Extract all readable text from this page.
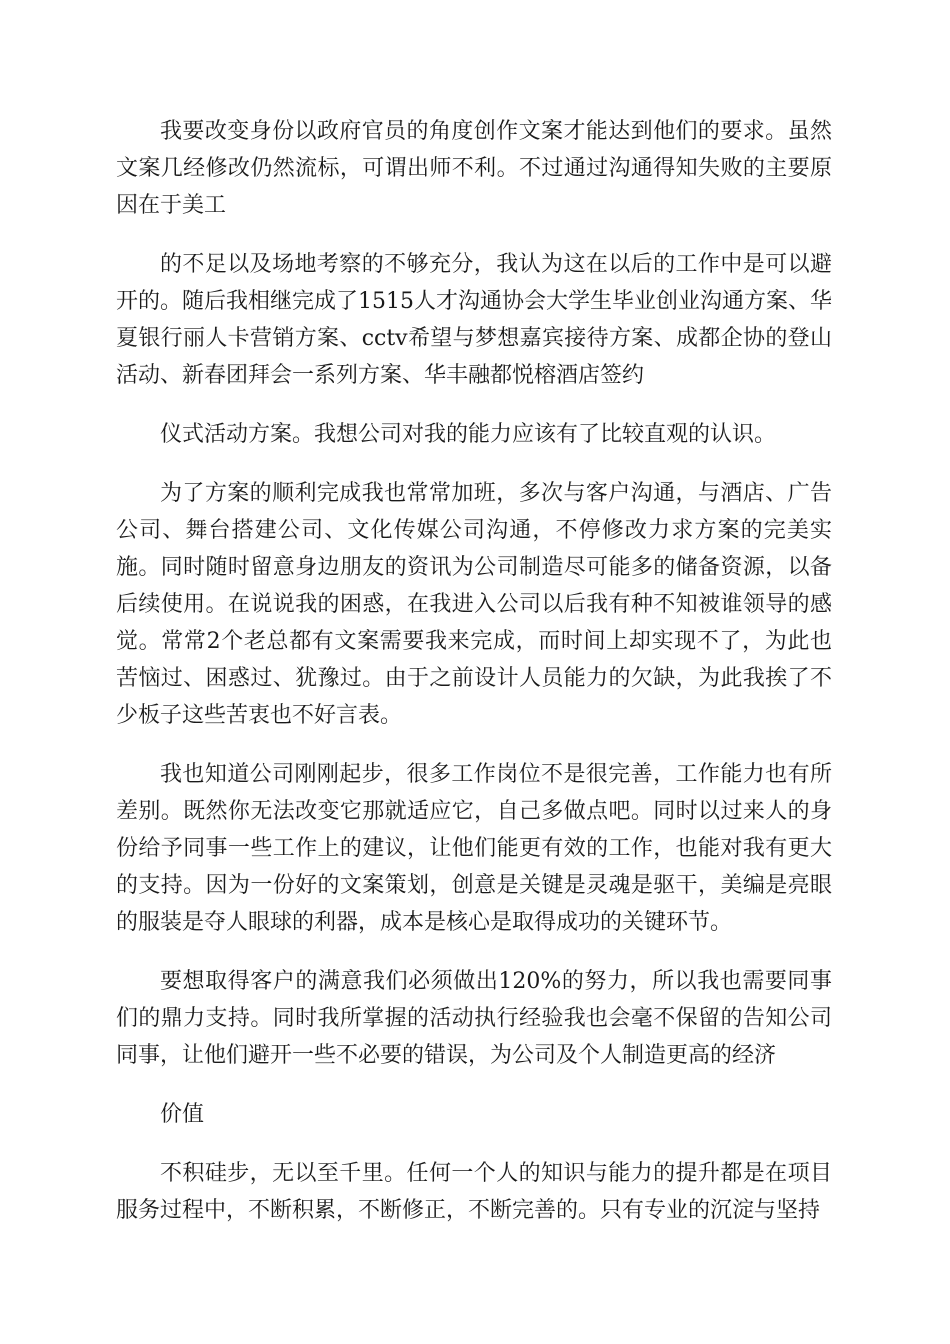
我要改变身份以政府官员的角度创作文案才能达到他们的要求。虽然文案几经修改仍然流标，可谓出师不利。不过通过沟通得知失败的主要原因在于美工

的不足以及场地考察的不够充分，我认为这在以后的工作中是可以避开的。随后我相继完成了1515人才沟通协会大学生毕业创业沟通方案、华夏银行丽人卡营销方案、cctv希望与梦想嘉宾接待方案、成都企协的登山活动、新春团拜会一系列方案、华丰融都悦榕酒店签约

仪式活动方案。我想公司对我的能力应该有了比较直观的认识。

为了方案的顺利完成我也常常加班，多次与客户沟通，与酒店、广告公司、舞台搭建公司、文化传媒公司沟通，不停修改力求方案的完美实施。同时随时留意身边朋友的资讯为公司制造尽可能多的储备资源，以备后续使用。在说说我的困惑，在我进入公司以后我有种不知被谁领导的感觉。常常2个老总都有文案需要我来完成，而时间上却实现不了，为此也苦恼过、困惑过、犹豫过。由于之前设计人员能力的欠缺，为此我挨了不少板子这些苦衷也不好言表。

我也知道公司刚刚起步，很多工作岗位不是很完善，工作能力也有所差别。既然你无法改变它那就适应它，自己多做点吧。同时以过来人的身份给予同事一些工作上的建议，让他们能更有效的工作，也能对我有更大的支持。因为一份好的文案策划，创意是关键是灵魂是驱干，美编是亮眼的服装是夺人眼球的利器，成本是核心是取得成功的关键环节。

要想取得客户的满意我们必须做出120%的努力，所以我也需要同事们的鼎力支持。同时我所掌握的活动执行经验我也会毫不保留的告知公司同事，让他们避开一些不必要的错误，为公司及个人制造更高的经济

价值

不积硅步，无以至千里。任何一个人的知识与能力的提升都是在项目服务过程中，不断积累，不断修正，不断完善的。只有专业的沉淀与坚持
